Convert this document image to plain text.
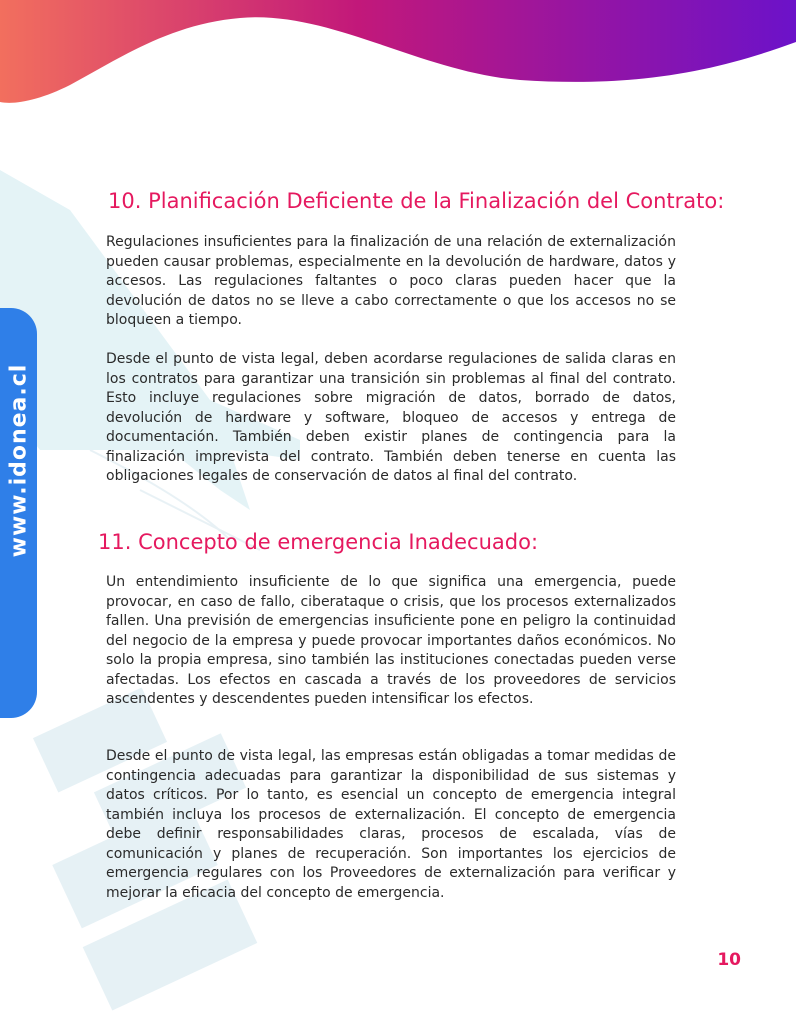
www.idonea.cl
10. Planificación Deficiente de la Finalización del Contrato:

Regulaciones insuficientes para la finalización de una relación de externalización pueden causar problemas, especialmente en la devolución de hardware, datos y accesos. Las regulaciones faltantes o poco claras pueden hacer que la devolución de datos no se lleve a cabo correctamente o que los accesos no se bloqueen a tiempo.

Desde el punto de vista legal, deben acordarse regulaciones de salida claras en los contratos para garantizar una transición sin problemas al final del contrato. Esto incluye regulaciones sobre migración de datos, borrado de datos, devolución de hardware y software, bloqueo de accesos y entrega de documentación. También deben existir planes de contingencia para la finalización imprevista del contrato. También deben tenerse en cuenta las obligaciones legales de conservación de datos al final del contrato.

11. Concepto de emergencia Inadecuado:

Un entendimiento insuficiente de lo que significa una emergencia, puede provocar, en caso de fallo, ciberataque o crisis, que los procesos externalizados fallen. Una previsión de emergencias insuficiente pone en peligro la continuidad del negocio de la empresa y puede provocar importantes daños económicos. No solo la propia empresa, sino también las instituciones conectadas pueden verse afectadas. Los efectos en cascada a través de los proveedores de servicios ascendentes y descendentes pueden intensificar los efectos.

Desde el punto de vista legal, las empresas están obligadas a tomar medidas de contingencia adecuadas para garantizar la disponibilidad de sus sistemas y datos críticos. Por lo tanto, es esencial un concepto de emergencia integral también incluya los procesos de externalización. El concepto de emergencia debe definir responsabilidades claras, procesos de escalada, vías de comunicación y planes de recuperación. Son importantes los ejercicios de emergencia regulares con los Proveedores de externalización para verificar y mejorar la eficacia del concepto de emergencia.

10
